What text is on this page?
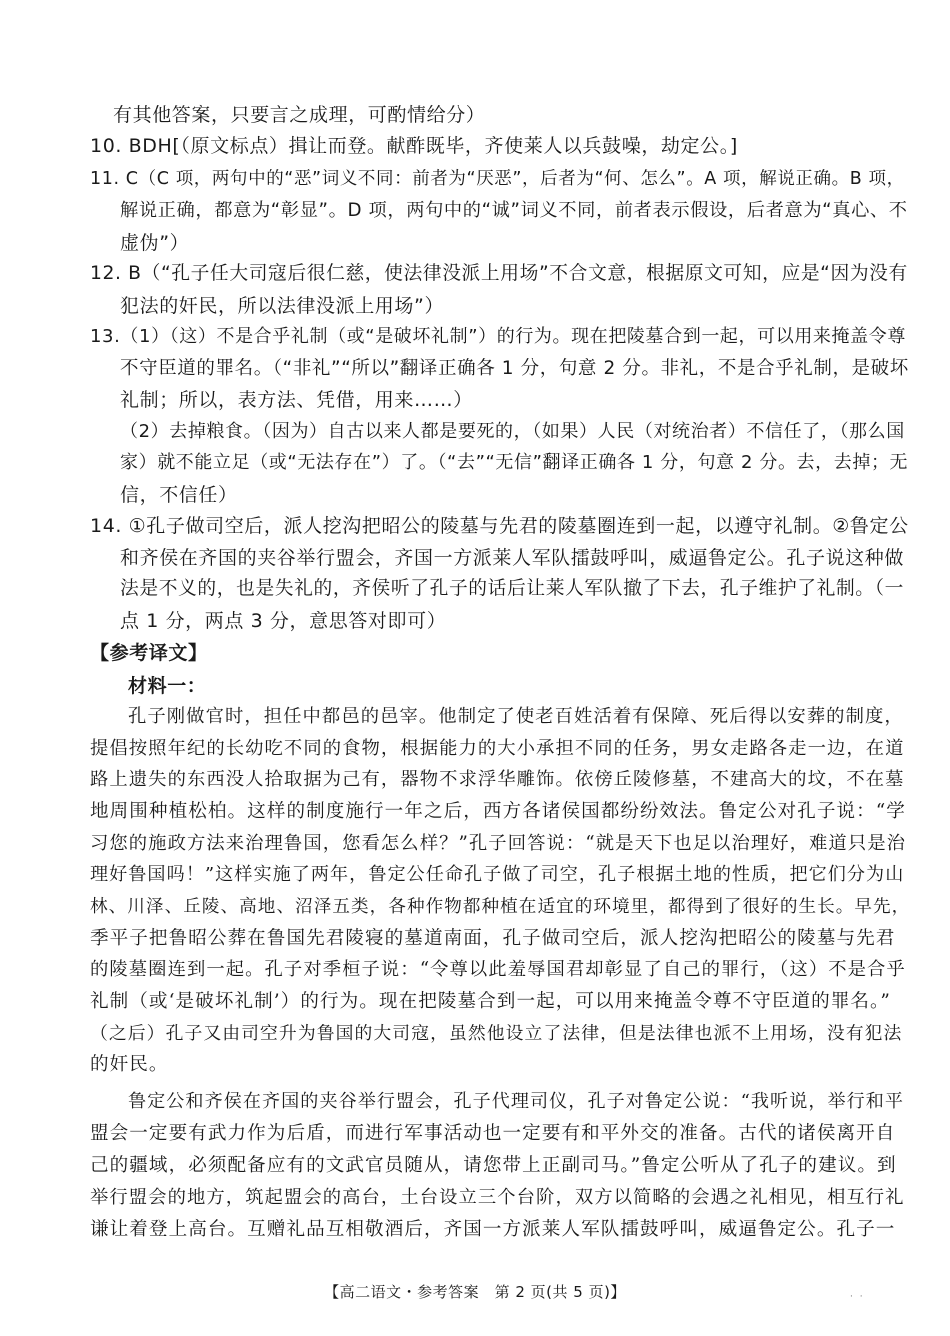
有其他答案，只要言之成理，可酌情给分）
10. BDH[（原文标点）揖让而登。献酢既毕，齐使莱人以兵鼓噪，劫定公。]
11. C（C 项，两句中的“恶”词义不同：前者为“厌恶”，后者为“何、怎么”。A 项，解说正确。B 项，
解说正确，都意为“彰显”。D 项，两句中的“诚”词义不同，前者表示假设，后者意为“真心、不
虚伪”）
12. B（“孔子任大司寇后很仁慈，使法律没派上用场”不合文意，根据原文可知，应是“因为没有
犯法的奸民，所以法律没派上用场”）
13.（1）（这）不是合乎礼制（或“是破坏礼制”）的行为。现在把陵墓合到一起，可以用来掩盖令尊
不守臣道的罪名。（“非礼”“所以”翻译正确各 1 分，句意 2 分。非礼，不是合乎礼制，是破坏
礼制；所以，表方法、凭借，用来……）
（2）去掉粮食。（因为）自古以来人都是要死的，（如果）人民（对统治者）不信任了，（那么国
家）就不能立足（或“无法存在”）了。（“去”“无信”翻译正确各 1 分，句意 2 分。去，去掉；无
信，不信任）
14. ①孔子做司空后，派人挖沟把昭公的陵墓与先君的陵墓圈连到一起，以遵守礼制。②鲁定公
和齐侯在齐国的夹谷举行盟会，齐国一方派莱人军队擂鼓呼叫，威逼鲁定公。孔子说这种做
法是不义的，也是失礼的，齐侯听了孔子的话后让莱人军队撤了下去，孔子维护了礼制。（一
点 1 分，两点 3 分，意思答对即可）
【参考译文】
材料一：
孔子刚做官时，担任中都邑的邑宰。他制定了使老百姓活着有保障、死后得以安葬的制度，
提倡按照年纪的长幼吃不同的食物，根据能力的大小承担不同的任务，男女走路各走一边，在道
路上遗失的东西没人拾取据为己有，器物不求浮华雕饰。依傍丘陵修墓，不建高大的坟，不在墓
地周围种植松柏。这样的制度施行一年之后，西方各诸侯国都纷纷效法。鲁定公对孔子说：“学
习您的施政方法来治理鲁国，您看怎么样？”孔子回答说：“就是天下也足以治理好，难道只是治
理好鲁国吗！”这样实施了两年，鲁定公任命孔子做了司空，孔子根据土地的性质，把它们分为山
林、川泽、丘陵、高地、沼泽五类，各种作物都种植在适宜的环境里，都得到了很好的生长。早先，
季平子把鲁昭公葬在鲁国先君陵寝的墓道南面，孔子做司空后，派人挖沟把昭公的陵墓与先君
的陵墓圈连到一起。孔子对季桓子说：“令尊以此羞辱国君却彰显了自己的罪行，（这）不是合乎
礼制（或‘是破坏礼制’）的行为。现在把陵墓合到一起，可以用来掩盖令尊不守臣道的罪名。”
（之后）孔子又由司空升为鲁国的大司寇，虽然他设立了法律，但是法律也派不上用场，没有犯法
的奸民。
鲁定公和齐侯在齐国的夹谷举行盟会，孔子代理司仪，孔子对鲁定公说：“我听说，举行和平
盟会一定要有武力作为后盾，而进行军事活动也一定要有和平外交的准备。古代的诸侯离开自
己的疆域，必须配备应有的文武官员随从，请您带上正副司马。”鲁定公听从了孔子的建议。到
举行盟会的地方，筑起盟会的高台，土台设立三个台阶，双方以简略的会遇之礼相见，相互行礼
谦让着登上高台。互赠礼品互相敬酒后，齐国一方派莱人军队擂鼓呼叫，威逼鲁定公。孔子一
【高二语文・参考答案　第 2 页(共 5 页)】	· ·
